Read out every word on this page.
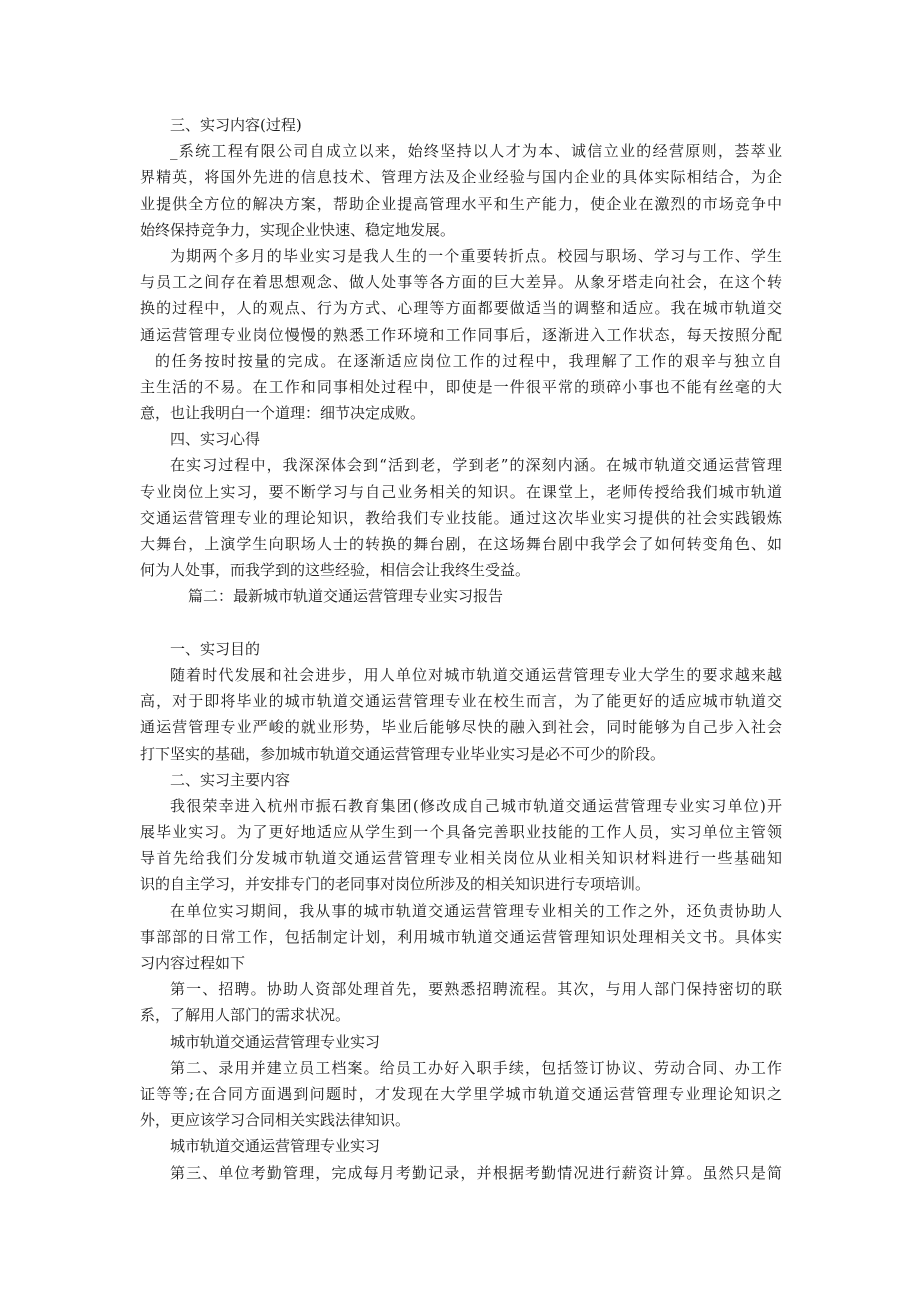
三、实习内容(过程)
_系统工程有限公司自成立以来，始终坚持以人才为本、诚信立业的经营原则，荟萃业
界精英，将国外先进的信息技术、管理方法及企业经验与国内企业的具体实际相结合，为企
业提供全方位的解决方案，帮助企业提高管理水平和生产能力，使企业在激烈的市场竞争中
始终保持竞争力，实现企业快速、稳定地发展。
为期两个多月的毕业实习是我人生的一个重要转折点。校园与职场、学习与工作、学生
与员工之间存在着思想观念、做人处事等各方面的巨大差异。从象牙塔走向社会，在这个转
换的过程中，人的观点、行为方式、心理等方面都要做适当的调整和适应。我在城市轨道交
通运营管理专业岗位慢慢的熟悉工作环境和工作同事后，逐渐进入工作状态，每天按照分配
的任务按时按量的完成。在逐渐适应岗位工作的过程中，我理解了工作的艰辛与独立自
主生活的不易。在工作和同事相处过程中，即使是一件很平常的琐碎小事也不能有丝毫的大
意，也让我明白一个道理：细节决定成败。
四、实习心得
在实习过程中，我深深体会到“活到老，学到老”的深刻内涵。在城市轨道交通运营管理
专业岗位上实习，要不断学习与自己业务相关的知识。在课堂上，老师传授给我们城市轨道
交通运营管理专业的理论知识，教给我们专业技能。通过这次毕业实习提供的社会实践锻炼
大舞台，上演学生向职场人士的转换的舞台剧，在这场舞台剧中我学会了如何转变角色、如
何为人处事，而我学到的这些经验，相信会让我终生受益。
篇二：最新城市轨道交通运营管理专业实习报告
一、实习目的
随着时代发展和社会进步，用人单位对城市轨道交通运营管理专业大学生的要求越来越
高，对于即将毕业的城市轨道交通运营管理专业在校生而言，为了能更好的适应城市轨道交
通运营管理专业严峻的就业形势，毕业后能够尽快的融入到社会，同时能够为自己步入社会
打下坚实的基础，参加城市轨道交通运营管理专业毕业实习是必不可少的阶段。
二、实习主要内容
我很荣幸进入杭州市振石教育集团(修改成自己城市轨道交通运营管理专业实习单位)开
展毕业实习。为了更好地适应从学生到一个具备完善职业技能的工作人员，实习单位主管领
导首先给我们分发城市轨道交通运营管理专业相关岗位从业相关知识材料进行一些基础知
识的自主学习，并安排专门的老同事对岗位所涉及的相关知识进行专项培训。
在单位实习期间，我从事的城市轨道交通运营管理专业相关的工作之外，还负责协助人
事部部的日常工作，包括制定计划，利用城市轨道交通运营管理知识处理相关文书。具体实
习内容过程如下
第一、招聘。协助人资部处理首先，要熟悉招聘流程。其次，与用人部门保持密切的联
系，了解用人部门的需求状况。
城市轨道交通运营管理专业实习
第二、录用并建立员工档案。给员工办好入职手续，包括签订协议、劳动合同、办工作
证等等;在合同方面遇到问题时，才发现在大学里学城市轨道交通运营管理专业理论知识之
外，更应该学习合同相关实践法律知识。
城市轨道交通运营管理专业实习
第三、单位考勤管理，完成每月考勤记录，并根据考勤情况进行薪资计算。虽然只是简
